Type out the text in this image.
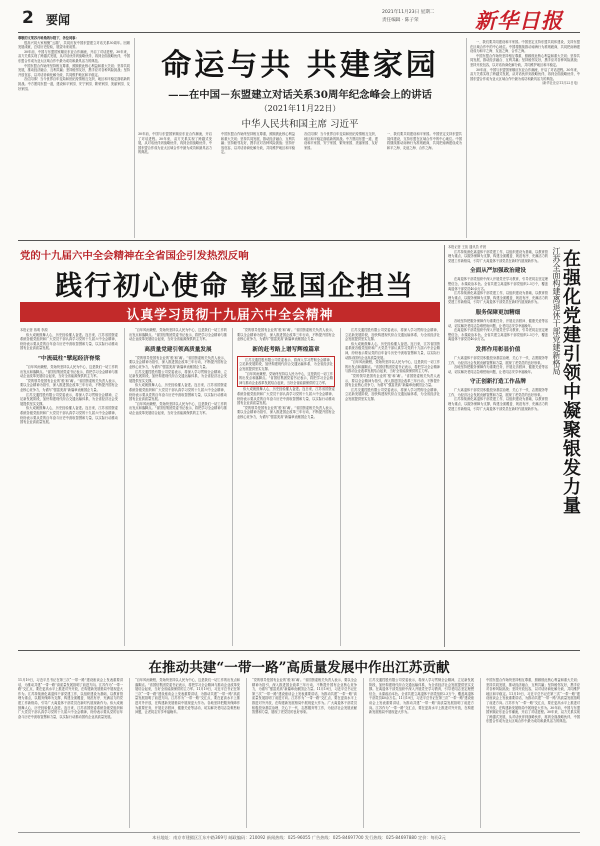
2 要闻
2021年11月23日 星期二
责任编辑 · 陈子荣	新华日报
尊敬的文莱苏丹哈桑纳尔陛下，各位同事：
很高兴同大家相聚“云端”，共同庆祝中国东盟建立对话关系30周年。回顾发展成就，总结历史经验，展望未来前景。
30年前，中国与东盟国家顺应东亚合作潮流，开启了对话进程。30年来，双方关系实现了跨越式发展，从对话伙伴到战略伙伴，再到全面战略伙伴，中国东盟合作成为亚太区域合作中最为成功和最具活力的典范。
中国东盟合作始终坚持相互尊重，照顾彼此核心利益和重大关切；坚持共同发展，推动经济融合、互利共赢；坚持睦邻友好，携手应对各种风险挑战；坚持开放包容，以对话协商化解分歧，共同维护地区和平稳定。
各位同事！当今世界百年变局和世纪疫情相互交织，地区和平稳定面临新的挑战。中方愿同东盟一道，建设和平家园、安宁家园、繁荣家园、美丽家园、友好家园。
命运与共 共建家园
——在中国－东盟建立对话关系30周年纪念峰会上的讲话
（2021年11月22日）
中华人民共和国主席 习近平
30年前，中国与东盟国家顺应东亚合作潮流，开启了对话进程。30年来，双方关系实现了跨越式发展，从对话伙伴到战略伙伴，再到全面战略伙伴，中国东盟合作成为亚太区域合作中最为成功和最具活力的典范。
中国东盟合作始终坚持相互尊重，照顾彼此核心利益和重大关切；坚持共同发展，推动经济融合、互利共赢；坚持睦邻友好，携手应对各种风险挑战；坚持开放包容，以对话协商化解分歧，共同维护地区和平稳定。
各位同事！当今世界百年变局和世纪疫情相互交织，地区和平稳定面临新的挑战。中方愿同东盟一道，建设和平家园、安宁家园、繁荣家园、美丽家园、友好家园。
一、我们要共同建设和平家园。中国坚定支持东盟共同体建设，支持东盟在区域合作中的中心地位。中国将继续推动南海行为准则磋商，共同把南海建设成为和平之海、友谊之海、合作之海。
一、我们要共同建设和平家园。中国坚定支持东盟共同体建设，支持东盟在区域合作中的中心地位。中国将继续推动南海行为准则磋商，共同把南海建设成为和平之海、友谊之海、合作之海。
中国东盟合作始终坚持相互尊重，照顾彼此核心利益和重大关切；坚持共同发展，推动经济融合、互利共赢；坚持睦邻友好，携手应对各种风险挑战；坚持开放包容，以对话协商化解分歧，共同维护地区和平稳定。
30年前，中国与东盟国家顺应东亚合作潮流，开启了对话进程。30年来，双方关系实现了跨越式发展，从对话伙伴到战略伙伴，再到全面战略伙伴，中国东盟合作成为亚太区域合作中最为成功和最具活力的典范。
（新华社北京11月22日电）
党的十九届六中全会精神在全省国企引发热烈反响
践行初心使命 彰显国企担当
认真学习贯彻十九届六中全会精神
本报记者 蒋明 李源
伟大成就鼓舞人心，历史经验催人奋进。连日来，江苏省国资委系统各级党组织和广大党员干部认真学习党的十九届六中全会精神，纷纷表示要从党的百年奋斗历史中汲取智慧和力量，以实际行动推动国有企业高质量发展。
“中流砥柱”擘起经济脊梁
“百年风雨兼程，党始终坚持以人民为中心，这是我们一切工作的出发点和落脚点。”省国信集团党委书记表示，将把学习全会精神与推动企业改革发展结合起来，当好全省能源保供的主力军。
“党的领导是国有企业的‘根’和‘魂’。”省国资委相关负责人表示，要以全会精神为指引，深入推进国企改革三年行动，不断提升国有企业核心竞争力，为谱写“强富美高”新篇章贡献国企力量。
江苏交通控股有限公司党委表示，将深入学习贯彻全会精神，立足新发展阶段，加快构建现代综合交通运输体系，为全省经济社会发展提供坚实支撑。
伟大成就鼓舞人心，历史经验催人奋进。连日来，江苏省国资委系统各级党组织和广大党员干部认真学习党的十九届六中全会精神，纷纷表示要从党的百年奋斗历史中汲取智慧和力量，以实际行动推动国有企业高质量发展。
“百年风雨兼程，党始终坚持以人民为中心，这是我们一切工作的出发点和落脚点。”省国信集团党委书记表示，将把学习全会精神与推动企业改革发展结合起来，当好全省能源保供的主力军。
高质量党建引领高质量发展
“党的领导是国有企业的‘根’和‘魂’。”省国资委相关负责人表示，要以全会精神为指引，深入推进国企改革三年行动，不断提升国有企业核心竞争力，为谱写“强富美高”新篇章贡献国企力量。
江苏交通控股有限公司党委表示，将深入学习贯彻全会精神，立足新发展阶段，加快构建现代综合交通运输体系，为全省经济社会发展提供坚实支撑。
伟大成就鼓舞人心，历史经验催人奋进。连日来，江苏省国资委系统各级党组织和广大党员干部认真学习党的十九届六中全会精神，纷纷表示要从党的百年奋斗历史中汲取智慧和力量，以实际行动推动国有企业高质量发展。
“百年风雨兼程，党始终坚持以人民为中心，这是我们一切工作的出发点和落脚点。”省国信集团党委书记表示，将把学习全会精神与推动企业改革发展结合起来，当好全省能源保供的主力军。
“党的领导是国有企业的‘根’和‘魂’。”省国资委相关负责人表示，要以全会精神为指引，深入推进国企改革三年行动，不断提升国有企业核心竞争力，为谱写“强富美高”新篇章贡献国企力量。
新的赶考路上谱写辉煌篇章
江苏交通控股有限公司党委表示，将深入学习贯彻全会精神，立足新发展阶段，加快构建现代综合交通运输体系，为全省经济社会发展提供坚实支撑。
“百年风雨兼程，党始终坚持以人民为中心，这是我们一切工作的出发点和落脚点。”省国信集团党委书记表示，将把学习全会精神与推动企业改革发展结合起来，当好全省能源保供的主力军。
伟大成就鼓舞人心，历史经验催人奋进。连日来，江苏省国资委系统各级党组织和广大党员干部认真学习党的十九届六中全会精神，纷纷表示要从党的百年奋斗历史中汲取智慧和力量，以实际行动推动国有企业高质量发展。
“党的领导是国有企业的‘根’和‘魂’。”省国资委相关负责人表示，要以全会精神为指引，深入推进国企改革三年行动，不断提升国有企业核心竞争力，为谱写“强富美高”新篇章贡献国企力量。
江苏交通控股有限公司党委表示，将深入学习贯彻全会精神，立足新发展阶段，加快构建现代综合交通运输体系，为全省经济社会发展提供坚实支撑。
伟大成就鼓舞人心，历史经验催人奋进。连日来，江苏省国资委系统各级党组织和广大党员干部认真学习党的十九届六中全会精神，纷纷表示要从党的百年奋斗历史中汲取智慧和力量，以实际行动推动国有企业高质量发展。
“百年风雨兼程，党始终坚持以人民为中心，这是我们一切工作的出发点和落脚点。”省国信集团党委书记表示，将把学习全会精神与推动企业改革发展结合起来，当好全省能源保供的主力军。
“党的领导是国有企业的‘根’和‘魂’。”省国资委相关负责人表示，要以全会精神为指引，深入推进国企改革三年行动，不断提升国有企业核心竞争力，为谱写“强富美高”新篇章贡献国企力量。
江苏交通控股有限公司党委表示，将深入学习贯彻全会精神，立足新发展阶段，加快构建现代综合交通运输体系，为全省经济社会发展提供坚实支撑。
本报记者 王拓 通讯员 许晨
江苏持续深化离退休干部党建工作，以组织建设为基础，以教育管理为重点，以服务保障为支撑，构建全面覆盖、规范有序、充满活力的党建工作新格局，引导广大离退休干部党员在新时代展现新作为。
全面从严加强政治建设
在离退休干部党组织中深入开展党史学习教育，引导老同志坚定理想信念，永葆政治本色。全省共建立离退休干部党组织2.3万个，覆盖离退休干部党员40余万名。
江苏持续深化离退休干部党建工作，以组织建设为基础，以教育管理为重点，以服务保障为支撑，构建全面覆盖、规范有序、充满活力的党建工作新格局，引导广大离退休干部党员在新时代展现新作为。
服务保障更加精细
各地坚持把服务保障作为重要任务，开展走访慰问、健康关爱等活动，切实解决老同志急难愁盼问题，让老同志安享幸福晚年。
在离退休干部党组织中深入开展党史学习教育，引导老同志坚定理想信念，永葆政治本色。全省共建立离退休干部党组织2.3万个，覆盖离退休干部党员40余万名。
发挥作用彰显价值
广大离退休干部党员积极投身基层治理、关心下一代、志愿服务等工作，为经济社会发展贡献智慧和力量，展现了老党员的良好形象。
各地坚持把服务保障作为重要任务，开展走访慰问、健康关爱等活动，切实解决老同志急难愁盼问题，让老同志安享幸福晚年。
守正创新打造工作品牌
广大离退休干部党员积极投身基层治理、关心下一代、志愿服务等工作，为经济社会发展贡献智慧和力量，展现了老党员的良好形象。
江苏持续深化离退休干部党建工作，以组织建设为基础，以教育管理为重点，以服务保障为支撑，构建全面覆盖、规范有序、充满活力的党建工作新格局，引导广大离退休干部党员在新时代展现新作为。
江苏全面构建离退休干部党建新格局 在强化党建引领中凝聚银发力量
在推动共建“一带一路”高质量发展中作出江苏贡献
11月19日，习近平总书记在第三次“一带一路”建设座谈会上发表重要讲话，为推动共建“一带一路”高质量发展指明了前进方向。江苏作为“一带一路”交汇点，要在更高水平上推进对外开放，在构建新发展格局中展现更大作为。江苏持续深化离退休干部党建工作，以组织建设为基础，以教育管理为重点，以服务保障为支撑，构建全面覆盖、规范有序、充满活力的党建工作新格局，引导广大离退休干部党员在新时代展现新作为。伟大成就鼓舞人心，历史经验催人奋进。连日来，江苏省国资委系统各级党组织和广大党员干部认真学习党的十九届六中全会精神，纷纷表示要从党的百年奋斗历史中汲取智慧和力量，以实际行动推动国有企业高质量发展。
“百年风雨兼程，党始终坚持以人民为中心，这是我们一切工作的出发点和落脚点。”省国信集团党委书记表示，将把学习全会精神与推动企业改革发展结合起来，当好全省能源保供的主力军。11月19日，习近平总书记在第三次“一带一路”建设座谈会上发表重要讲话，为推动共建“一带一路”高质量发展指明了前进方向。江苏作为“一带一路”交汇点，要在更高水平上推进对外开放，在构建新发展格局中展现更大作为。各地坚持把服务保障作为重要任务，开展走访慰问、健康关爱等活动，切实解决老同志急难愁盼问题，让老同志安享幸福晚年。
“党的领导是国有企业的‘根’和‘魂’。”省国资委相关负责人表示，要以全会精神为指引，深入推进国企改革三年行动，不断提升国有企业核心竞争力，为谱写“强富美高”新篇章贡献国企力量。11月19日，习近平总书记在第三次“一带一路”建设座谈会上发表重要讲话，为推动共建“一带一路”高质量发展指明了前进方向。江苏作为“一带一路”交汇点，要在更高水平上推进对外开放，在构建新发展格局中展现更大作为。广大离退休干部党员积极投身基层治理、关心下一代、志愿服务等工作，为经济社会发展贡献智慧和力量，展现了老党员的良好形象。
江苏交通控股有限公司党委表示，将深入学习贯彻全会精神，立足新发展阶段，加快构建现代综合交通运输体系，为全省经济社会发展提供坚实支撑。在离退休干部党组织中深入开展党史学习教育，引导老同志坚定理想信念，永葆政治本色。全省共建立离退休干部党组织2.3万个，覆盖离退休干部党员40余万名。11月19日，习近平总书记在第三次“一带一路”建设座谈会上发表重要讲话，为推动共建“一带一路”高质量发展指明了前进方向。江苏作为“一带一路”交汇点，要在更高水平上推进对外开放，在构建新发展格局中展现更大作为。
中国东盟合作始终坚持相互尊重，照顾彼此核心利益和重大关切；坚持共同发展，推动经济融合、互利共赢；坚持睦邻友好，携手应对各种风险挑战；坚持开放包容，以对话协商化解分歧，共同维护地区和平稳定。11月19日，习近平总书记在第三次“一带一路”建设座谈会上发表重要讲话，为推动共建“一带一路”高质量发展指明了前进方向。江苏作为“一带一路”交汇点，要在更高水平上推进对外开放，在构建新发展格局中展现更大作为。30年前，中国与东盟国家顺应东亚合作潮流，开启了对话进程。30年来，双方关系实现了跨越式发展，从对话伙伴到战略伙伴，再到全面战略伙伴，中国东盟合作成为亚太区域合作中最为成功和最具活力的典范。
本社地址：南京市建邺区江东中路369号 邮政编码：210092 新闻热线：025-96055 广告热线：025-84697700 发行热线：025-84697880 定价：每份2元
